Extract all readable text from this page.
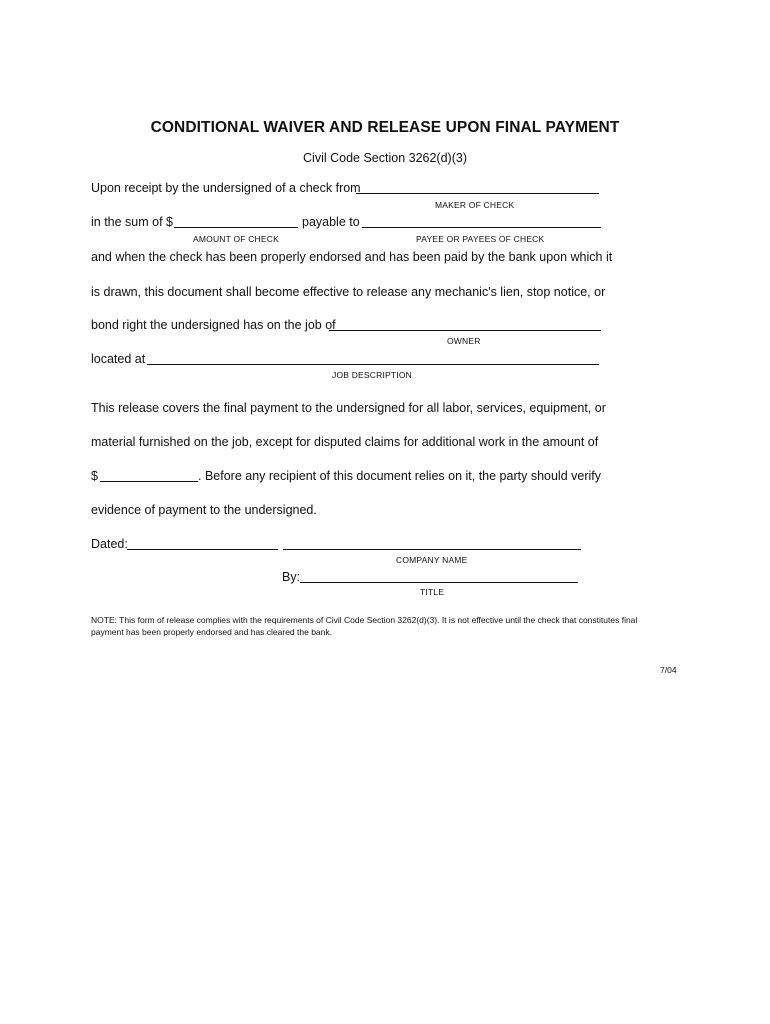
CONDITIONAL WAIVER AND RELEASE UPON FINAL PAYMENT
Civil Code Section 3262(d)(3)
Upon receipt by the undersigned of a check from
MAKER OF CHECK
in the sum of $	payable to
AMOUNT OF CHECK	PAYEE OR PAYEES OF CHECK
and when the check has been properly endorsed and has been paid by the bank upon which it
is drawn, this document shall become effective to release any mechanic's lien, stop notice, or
bond right the undersigned has on the job of
OWNER
located at
JOB DESCRIPTION
This release covers the final payment to the undersigned for all labor, services, equipment, or
material furnished on the job, except for disputed claims for additional work in the amount of
$	. Before any recipient of this document relies on it, the party should verify
evidence of payment to the undersigned.
Dated:
COMPANY NAME
By:
TITLE
NOTE: This form of release complies with the requirements of Civil Code Section 3262(d)(3). It is not effective until the check that constitutes final payment has been properly endorsed and has cleared the bank.
7/04
